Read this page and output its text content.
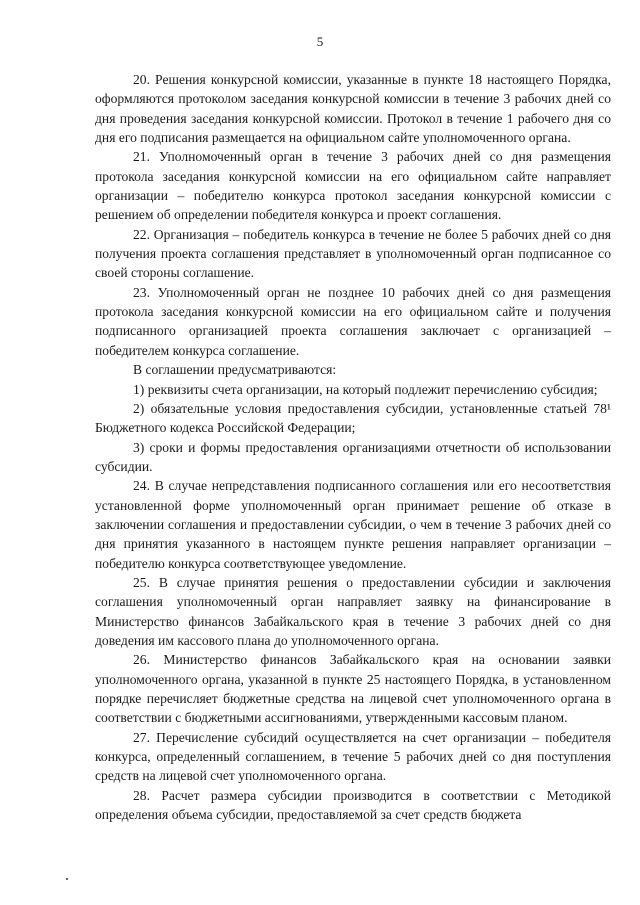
5

20. Решения конкурсной комиссии, указанные в пункте 18 настоящего Порядка, оформляются протоколом заседания конкурсной комиссии в течение 3 рабочих дней со дня проведения заседания конкурсной комиссии. Протокол в течение 1 рабочего дня со дня его подписания размещается на официальном сайте уполномоченного органа.

21. Уполномоченный орган в течение 3 рабочих дней со дня размещения протокола заседания конкурсной комиссии на его официальном сайте направляет организации – победителю конкурса протокол заседания конкурсной комиссии с решением об определении победителя конкурса и проект соглашения.

22. Организация – победитель конкурса в течение не более 5 рабочих дней со дня получения проекта соглашения представляет в уполномоченный орган подписанное со своей стороны соглашение.

23. Уполномоченный орган не позднее 10 рабочих дней со дня размещения протокола заседания конкурсной комиссии на его официальном сайте и получения подписанного организацией проекта соглашения заключает с организацией – победителем конкурса соглашение.

В соглашении предусматриваются:

1) реквизиты счета организации, на который подлежит перечислению субсидия;

2) обязательные условия предоставления субсидии, установленные статьей 78¹ Бюджетного кодекса Российской Федерации;

3) сроки и формы предоставления организациями отчетности об использовании субсидии.

24. В случае непредставления подписанного соглашения или его несоответствия установленной форме уполномоченный орган принимает решение об отказе в заключении соглашения и предоставлении субсидии, о чем в течение 3 рабочих дней со дня принятия указанного в настоящем пункте решения направляет организации – победителю конкурса соответствующее уведомление.

25. В случае принятия решения о предоставлении субсидии и заключения соглашения уполномоченный орган направляет заявку на финансирование в Министерство финансов Забайкальского края в течение 3 рабочих дней со дня доведения им кассового плана до уполномоченного органа.

26. Министерство финансов Забайкальского края на основании заявки уполномоченного органа, указанной в пункте 25 настоящего Порядка, в установленном порядке перечисляет бюджетные средства на лицевой счет уполномоченного органа в соответствии с бюджетными ассигнованиями, утвержденными кассовым планом.

27. Перечисление субсидий осуществляется на счет организации – победителя конкурса, определенный соглашением, в течение 5 рабочих дней со дня поступления средств на лицевой счет уполномоченного органа.

28. Расчет размера субсидии производится в соответствии с Методикой определения объема субсидии, предоставляемой за счет средств бюджета
